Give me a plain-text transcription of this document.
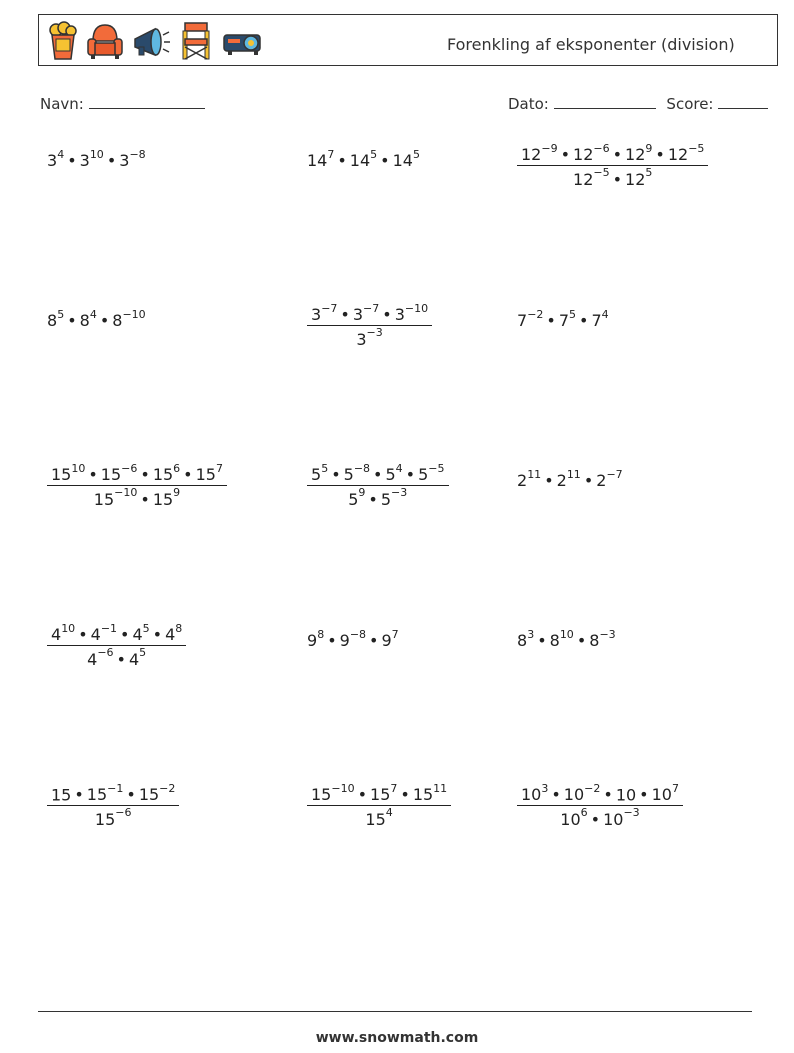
Forenkling af eksponenter (division)
Navn:	Dato:	Score:
$3^4$ • $3^{10}$ • $3^{-8}$	$14^7$ • $14^5$ • $14^5$	$\frac{12^{-9} • 12^{-6} • 12^9 • 12^{-5}}{12^{-5} • 12^5}$
$8^5$ • $8^4$ • $8^{-10}$	$\frac{3^{-7} • 3^{-7} • 3^{-10}}{3^{-3}}$	$7^{-2}$ • $7^5$ • $7^4$
$\frac{15^{10} • 15^{-6} • 15^6 • 15^7}{15^{-10} • 15^9}$	$\frac{5^5 • 5^{-8} • 5^4 • 5^{-5}}{5^9 • 5^{-3}}$	$2^{11}$ • $2^{11}$ • $2^{-7}$
$\frac{4^{10} • 4^{-1} • 4^5 • 4^8}{4^{-6} • 4^5}$	$9^8$ • $9^{-8}$ • $9^7$	$8^3$ • $8^{10}$ • $8^{-3}$
$\frac{15 • 15^{-1} • 15^{-2}}{15^{-6}}$	$\frac{15^{-10} • 15^7 • 15^{11}}{15^4}$	$\frac{10^3 • 10^{-2} • 10 • 10^7}{10^6 • 10^{-3}}$
www.snowmath.com
